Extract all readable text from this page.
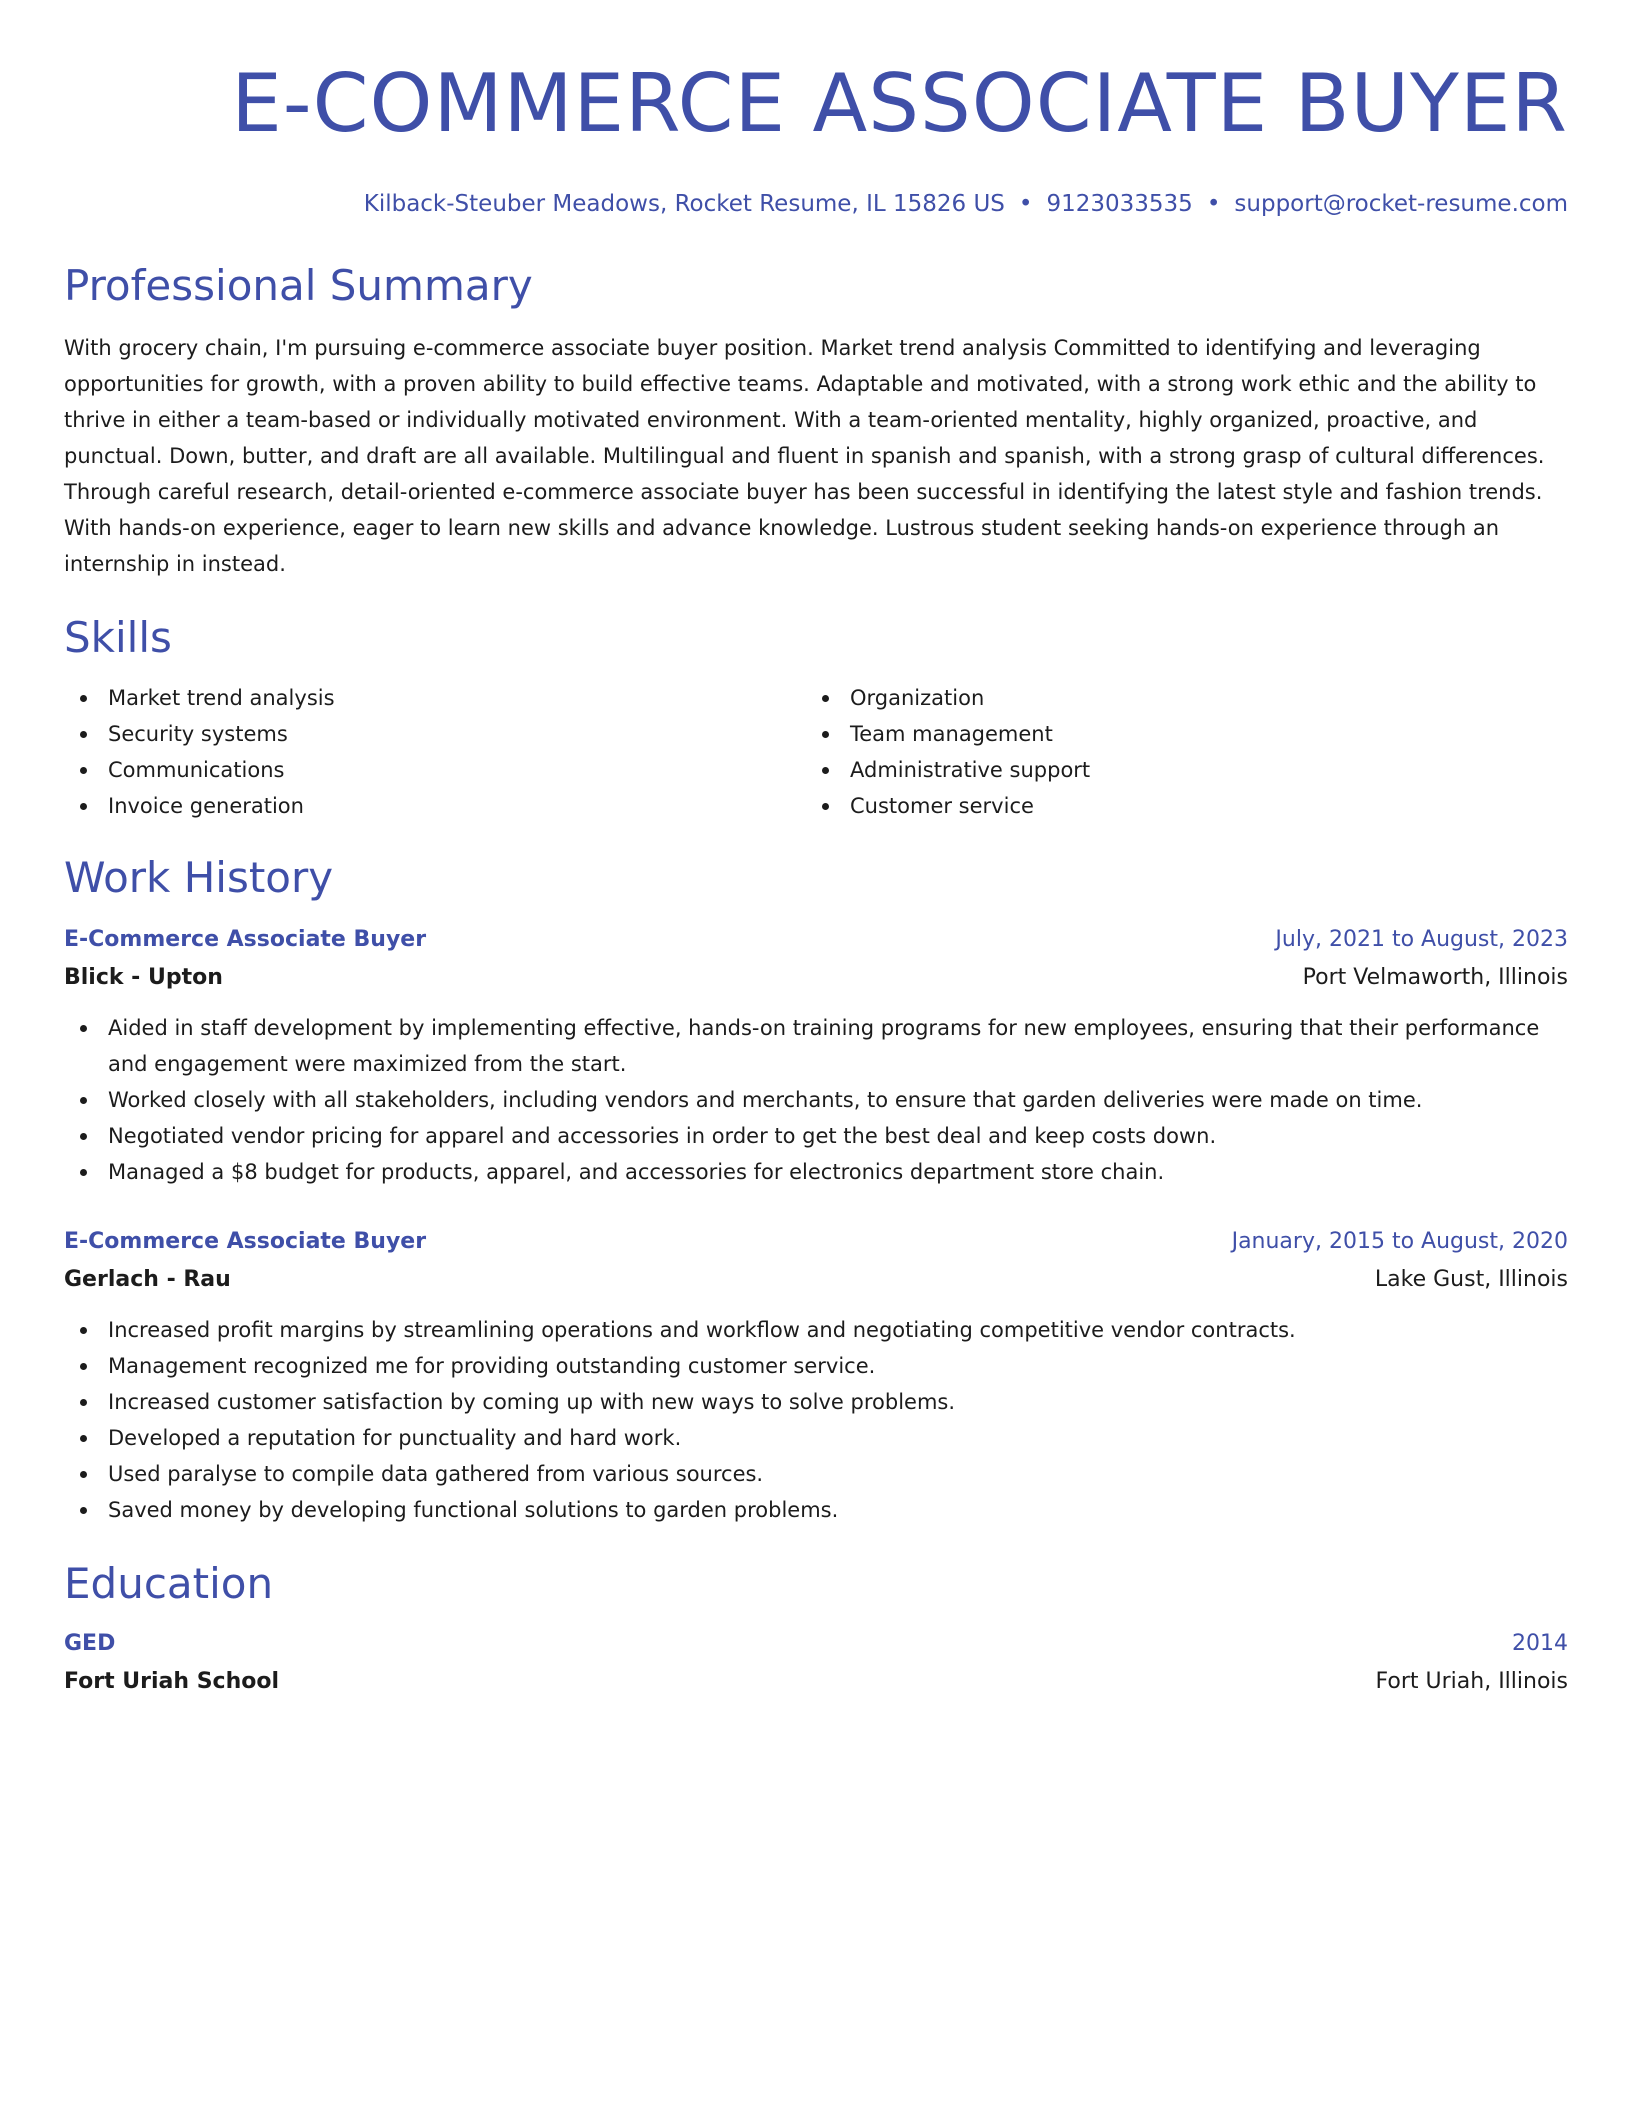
E-COMMERCE ASSOCIATE BUYER
Kilback-Steuber Meadows, Rocket Resume, IL 15826 US • 9123033535 • support@rocket-resume.com
Professional Summary
With grocery chain, I'm pursuing e-commerce associate buyer position. Market trend analysis Committed to identifying and leveraging opportunities for growth, with a proven ability to build effective teams. Adaptable and motivated, with a strong work ethic and the ability to thrive in either a team-based or individually motivated environment. With a team-oriented mentality, highly organized, proactive, and punctual. Down, butter, and draft are all available. Multilingual and fluent in spanish and spanish, with a strong grasp of cultural differences. Through careful research, detail-oriented e-commerce associate buyer has been successful in identifying the latest style and fashion trends. With hands-on experience, eager to learn new skills and advance knowledge. Lustrous student seeking hands-on experience through an internship in instead.
Skills
Market trend analysis
Security systems
Communications
Invoice generation
Organization
Team management
Administrative support
Customer service
Work History
E-Commerce Associate Buyer	July, 2021 to August, 2023
Blick - Upton	Port Velmaworth, Illinois
Aided in staff development by implementing effective, hands-on training programs for new employees, ensuring that their performance and engagement were maximized from the start.
Worked closely with all stakeholders, including vendors and merchants, to ensure that garden deliveries were made on time.
Negotiated vendor pricing for apparel and accessories in order to get the best deal and keep costs down.
Managed a $8 budget for products, apparel, and accessories for electronics department store chain.
E-Commerce Associate Buyer	January, 2015 to August, 2020
Gerlach - Rau	Lake Gust, Illinois
Increased profit margins by streamlining operations and workflow and negotiating competitive vendor contracts.
Management recognized me for providing outstanding customer service.
Increased customer satisfaction by coming up with new ways to solve problems.
Developed a reputation for punctuality and hard work.
Used paralyse to compile data gathered from various sources.
Saved money by developing functional solutions to garden problems.
Education
GED	2014
Fort Uriah School	Fort Uriah, Illinois
